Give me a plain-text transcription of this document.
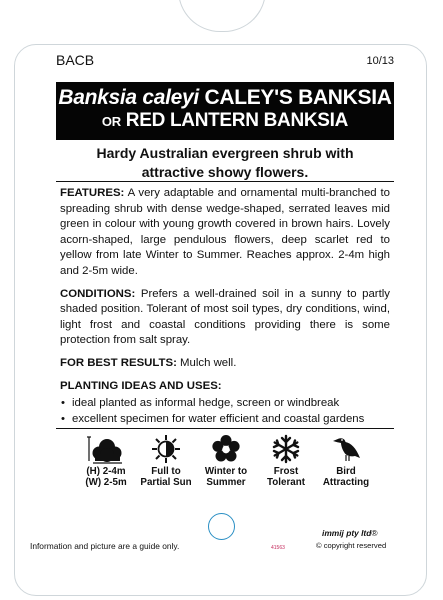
BACB	10/13
Banksia caleyi CALEY'S BANKSIA
OR RED LANTERN BANKSIA
Hardy Australian evergreen shrub with attractive showy flowers.

FEATURES: A very adaptable and ornamental multi-branched to spreading shrub with dense wedge-shaped, serrated leaves mid green in colour with young growth covered in brown hairs. Lovely acorn-shaped, large pendulous flowers, deep scarlet red to yellow from late Winter to Summer. Reaches approx. 2-4m high and 2-5m wide.

CONDITIONS: Prefers a well-drained soil in a sunny to partly shaded position. Tolerant of most soil types, dry conditions, wind, light frost and coastal conditions providing there is some protection from salt spray.

FOR BEST RESULTS: Mulch well.

PLANTING IDEAS AND USES:

• ideal planted as informal hedge, screen or windbreak
• excellent specimen for water efficient and coastal gardens
(H) 2-4m
(W) 2-5m
Full to
Partial Sun
Winter to
Summer
Frost
Tolerant
Bird
Attracting
Information and picture are a guide only.	41563
immij pty ltd®
© copyright reserved
